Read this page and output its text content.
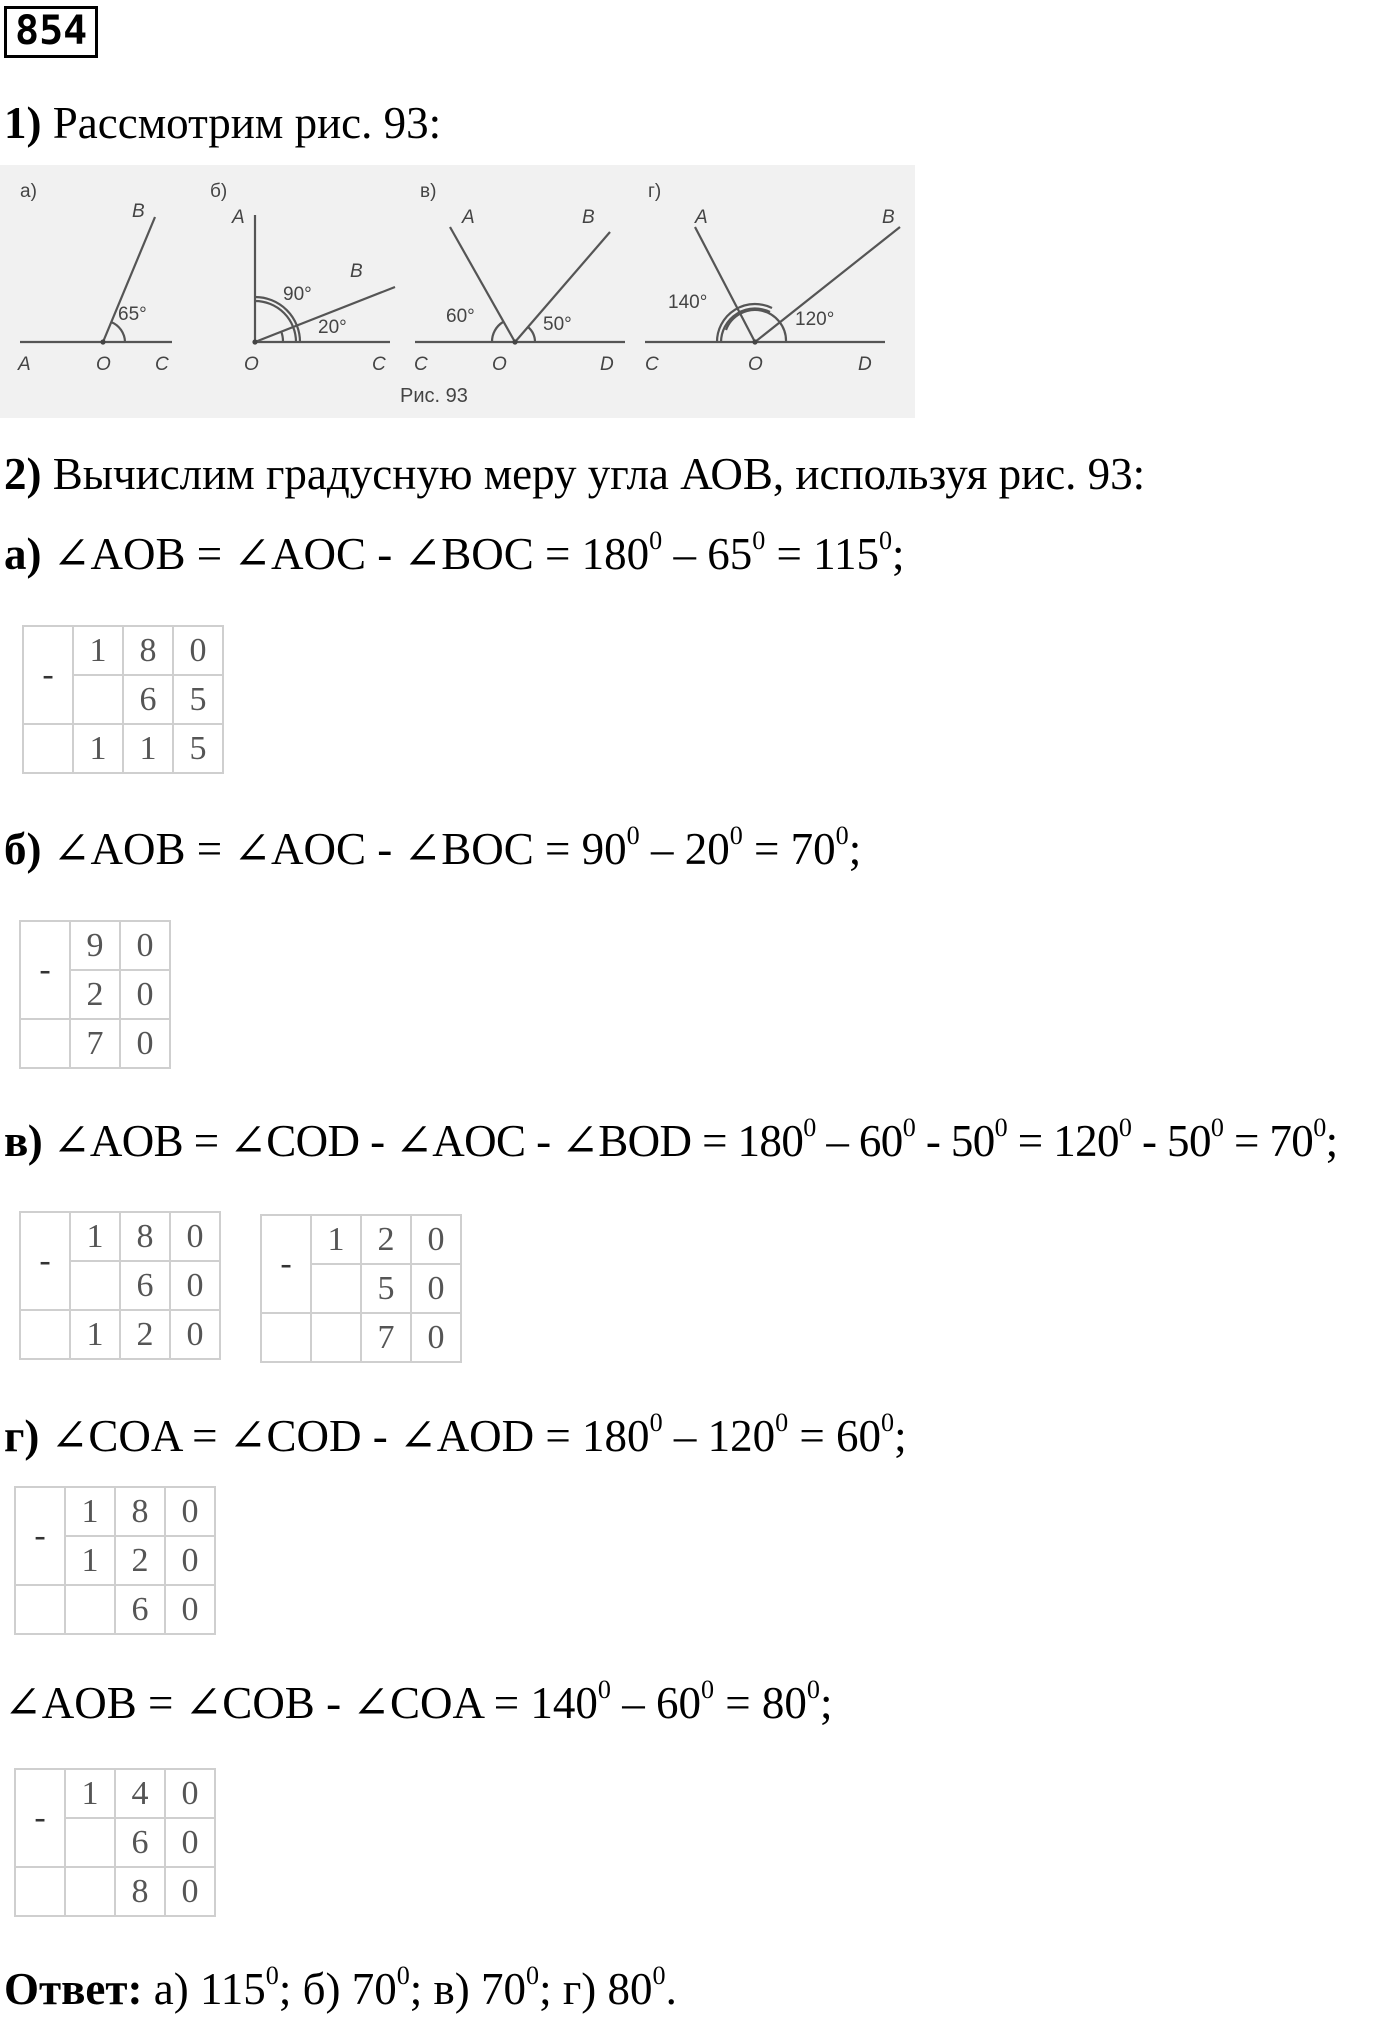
854
1) Рассмотрим рис. 93:
а)
A	O C
B
65°
б)
A
O	C
B
90°
20°
в)
A	B
C	O	D
60°	50°
г)
A	B
C	O	D
140°
120°
Рис. 93
2) Вычислим градусную меру угла АОВ, используя рис. 93:
а) ∠AOB = ∠AOC - ∠BOC = $180^0 - 65^0 = 115^0$;
-	1	8	0
		6	5
	1	1	5
б) ∠AOB = ∠AOC - ∠BOC = $90^0 - 20^0 = 70^0$;
-	9	0
	2	0
	7	0
в) ∠AOB = ∠COD - ∠AOC - ∠BOD = $180^0 - 60^0 - 50^0 = 120^0 - 50^0 = 70^0$;
-	1	8	0
		6	0
	1	2	0
-	1	2	0
		5	0
		7	0
г) ∠COA = ∠COD - ∠AOD = $180^0 - 120^0 = 60^0$;
-	1	8	0
	1	2	0
		6	0
∠AOB = ∠COB - ∠COA = $140^0 - 60^0 = 80^0$;
-	1	4	0
		6	0
		8	0
Ответ: а) $115^0$; б) $70^0$; в) $70^0$; г) $80^0$.
